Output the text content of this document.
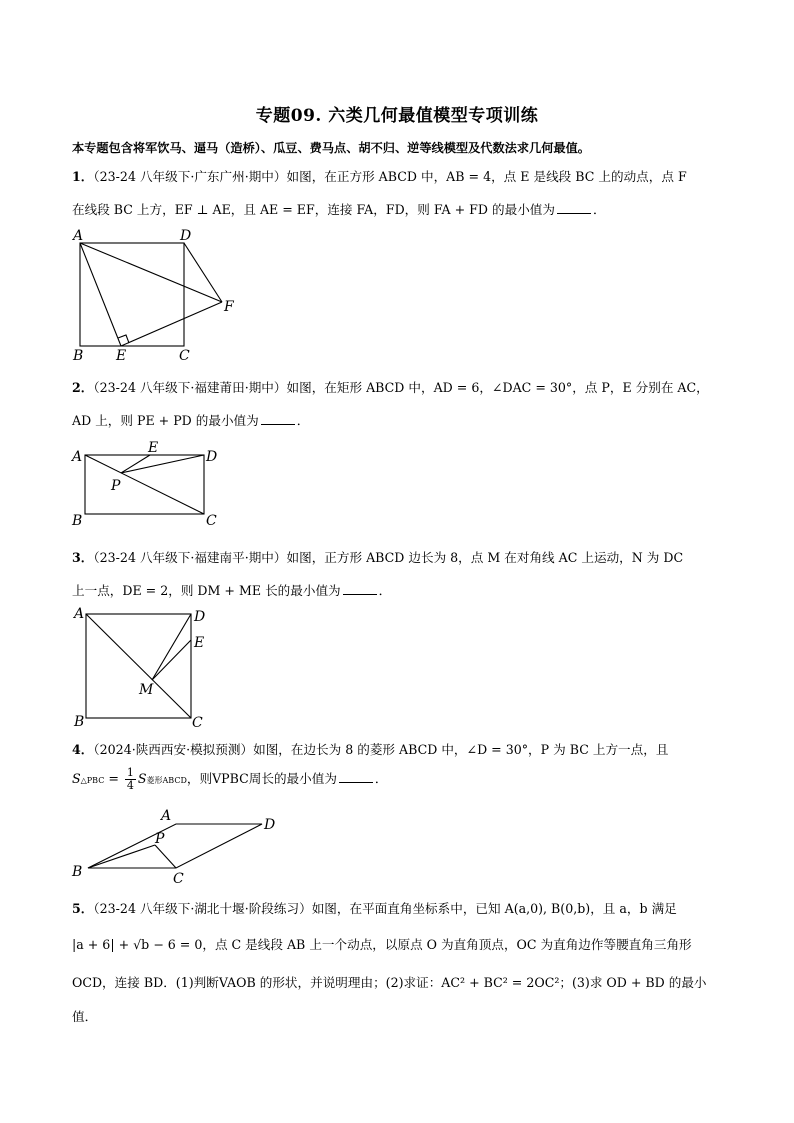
专题09. 六类几何最值模型专项训练
本专题包含将军饮马、逼马（造桥）、瓜豆、费马点、胡不归、逆等线模型及代数法求几何最值。
1．（23-24 八年级下·广东广州·期中）如图，在正方形 ABCD 中，AB = 4，点 E 是线段 BC 上的动点，点 F
在线段 BC 上方，EF ⊥ AE，且 AE = EF，连接 FA，FD，则 FA + FD 的最小值为	．
2．（23-24 八年级下·福建莆田·期中）如图，在矩形 ABCD 中，AD = 6，∠DAC = 30°，点 P，E 分别在 AC，
AD 上，则 PE + PD 的最小值为	．
3．（23-24 八年级下·福建南平·期中）如图，正方形 ABCD 边长为 8，点 M 在对角线 AC 上运动，N 为 DC
上一点，DE = 2，则 DM + ME 长的最小值为	．
4．（2024·陕西西安·模拟预测）如图，在边长为 8 的菱形 ABCD 中，∠D = 30°，P 为 BC 上方一点，且
S△PBC = $\frac{1}{4}$ S菱形ABCD，则VPBC周长的最小值为	．
5．（23-24 八年级下·湖北十堰·阶段练习）如图，在平面直角坐标系中，已知 A(a,0), B(0,b)，且 a，b 满足
|a + 6| + √b − 6 = 0，点 C 是线段 AB 上一个动点，以原点 O 为直角顶点，OC 为直角边作等腰直角三角形
OCD，连接 BD．(1)判断VAOB 的形状，并说明理由；(2)求证：AC² + BC² = 2OC²；(3)求 OD + BD 的最小
值．
A	D
F
B E	C
A
E
D
P
B	C
A	D
E
M
B	C
A
D
P
B	C
